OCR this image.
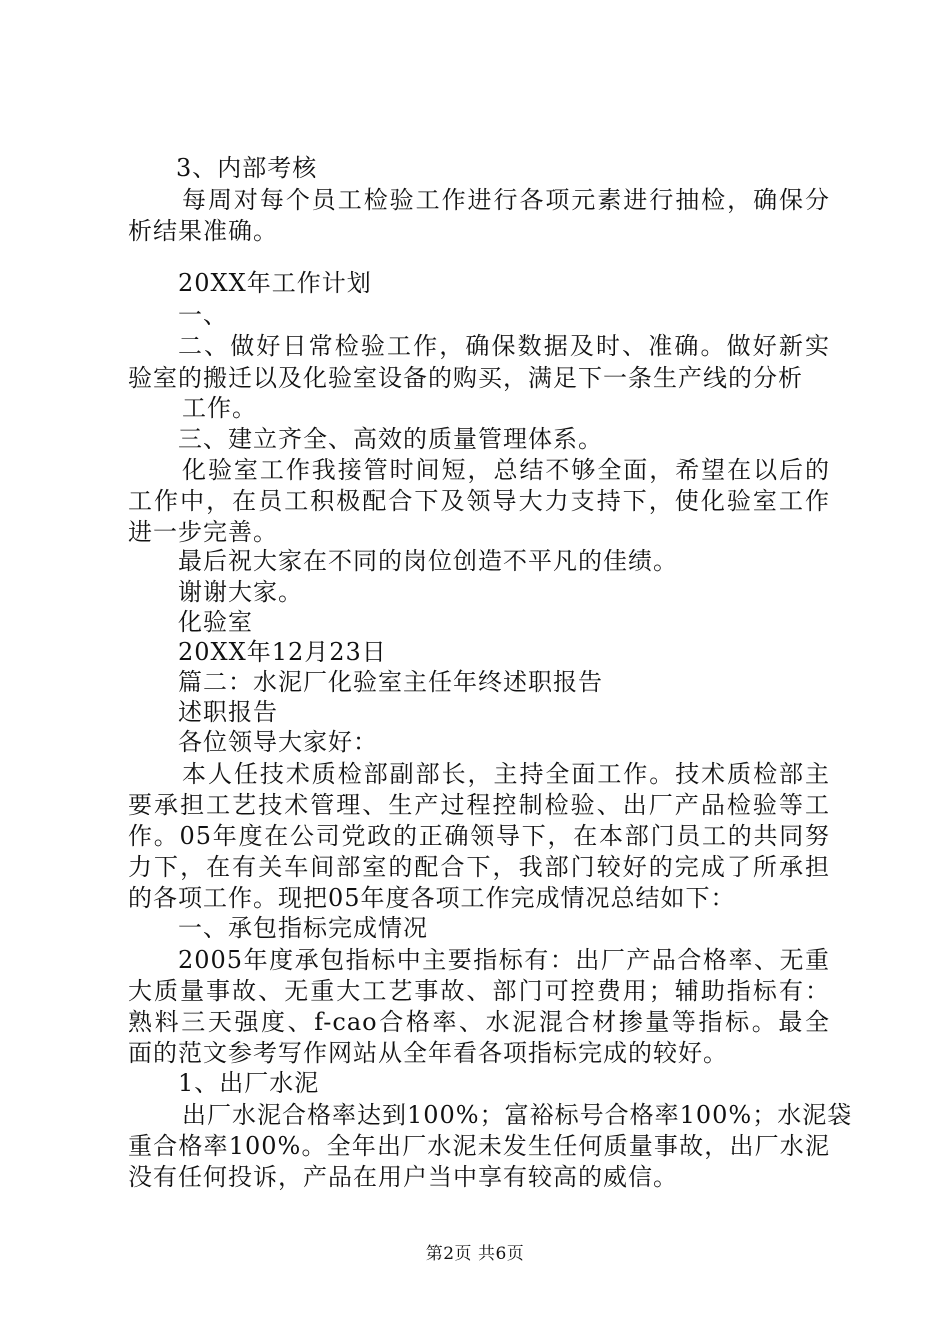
3、内部考核
每周对每个员工检验工作进行各项元素进行抽检，确保分
析结果准确。
20XX年工作计划
一、
二、做好日常检验工作，确保数据及时、准确。做好新实
验室的搬迁以及化验室设备的购买，满足下一条生产线的分析
工作。
三、建立齐全、高效的质量管理体系。
化验室工作我接管时间短，总结不够全面，希望在以后的
工作中，在员工积极配合下及领导大力支持下，使化验室工作
进一步完善。
最后祝大家在不同的岗位创造不平凡的佳绩。
谢谢大家。
化验室
20XX年12月23日
篇二：水泥厂化验室主任年终述职报告
述职报告
各位领导大家好：
本人任技术质检部副部长，主持全面工作。技术质检部主
要承担工艺技术管理、生产过程控制检验、出厂产品检验等工
作。05年度在公司党政的正确领导下，在本部门员工的共同努
力下，在有关车间部室的配合下，我部门较好的完成了所承担
的各项工作。现把05年度各项工作完成情况总结如下：
一、承包指标完成情况
2005年度承包指标中主要指标有：出厂产品合格率、无重
大质量事故、无重大工艺事故、部门可控费用；辅助指标有：
熟料三天强度、f-cao合格率、水泥混合材掺量等指标。最全
面的范文参考写作网站从全年看各项指标完成的较好。
1、出厂水泥
出厂水泥合格率达到100%；富裕标号合格率100%；水泥袋
重合格率100%。全年出厂水泥未发生任何质量事故，出厂水泥
没有任何投诉，产品在用户当中享有较高的威信。
第2页 共6页
